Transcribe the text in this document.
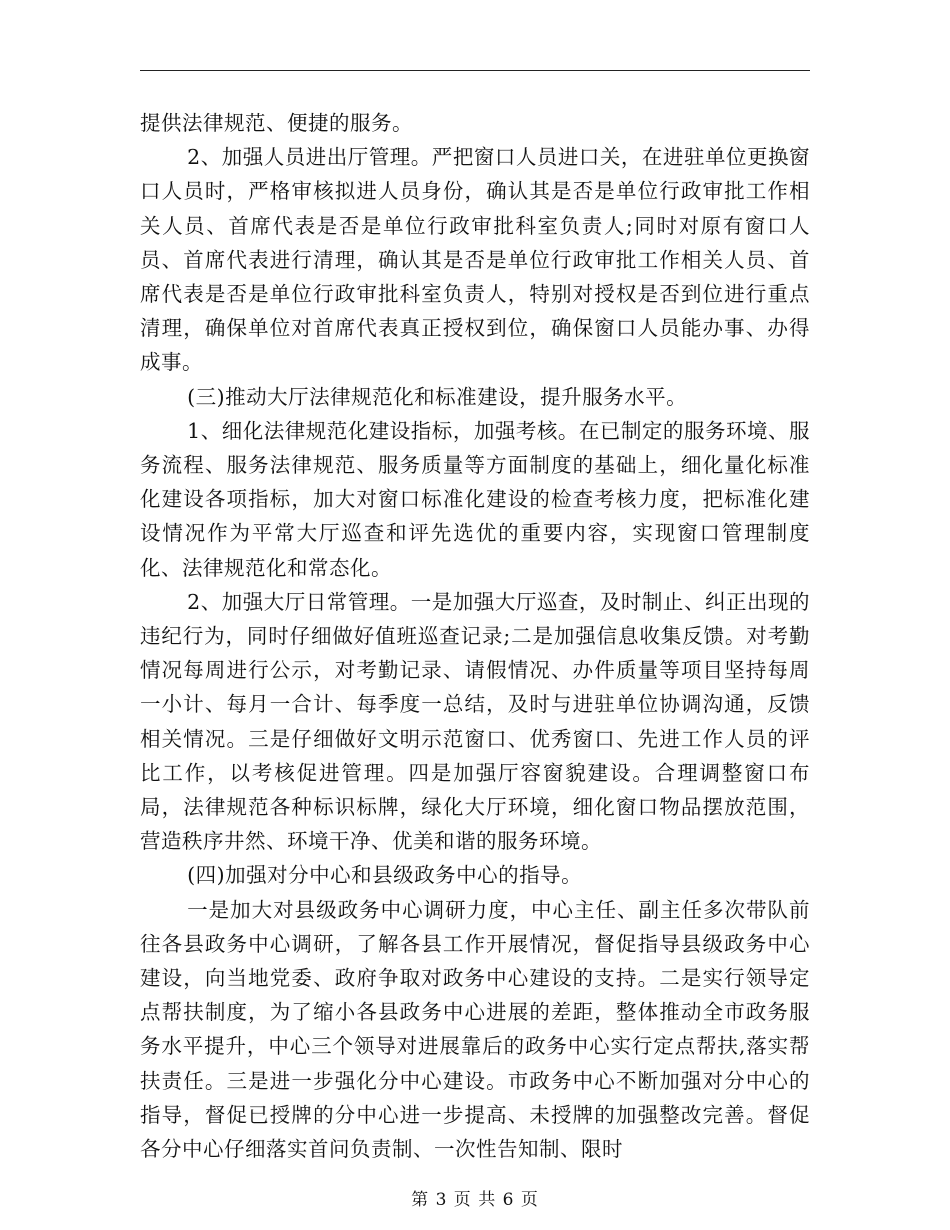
提供法律规范、便捷的服务。

2、加强人员进出厅管理。严把窗口人员进口关，在进驻单位更换窗口人员时，严格审核拟进人员身份，确认其是否是单位行政审批工作相关人员、首席代表是否是单位行政审批科室负责人;同时对原有窗口人员、首席代表进行清理，确认其是否是单位行政审批工作相关人员、首席代表是否是单位行政审批科室负责人，特别对授权是否到位进行重点清理，确保单位对首席代表真正授权到位，确保窗口人员能办事、办得成事。

(三)推动大厅法律规范化和标准建设，提升服务水平。

1、细化法律规范化建设指标，加强考核。在已制定的服务环境、服务流程、服务法律规范、服务质量等方面制度的基础上，细化量化标准化建设各项指标，加大对窗口标准化建设的检查考核力度，把标准化建设情况作为平常大厅巡查和评先选优的重要内容，实现窗口管理制度化、法律规范化和常态化。

2、加强大厅日常管理。一是加强大厅巡查，及时制止、纠正出现的违纪行为，同时仔细做好值班巡查记录;二是加强信息收集反馈。对考勤情况每周进行公示，对考勤记录、请假情况、办件质量等项目坚持每周一小计、每月一合计、每季度一总结，及时与进驻单位协调沟通，反馈相关情况。三是仔细做好文明示范窗口、优秀窗口、先进工作人员的评比工作，以考核促进管理。四是加强厅容窗貌建设。合理调整窗口布局，法律规范各种标识标牌，绿化大厅环境，细化窗口物品摆放范围，营造秩序井然、环境干净、优美和谐的服务环境。

(四)加强对分中心和县级政务中心的指导。

一是加大对县级政务中心调研力度，中心主任、副主任多次带队前往各县政务中心调研，了解各县工作开展情况，督促指导县级政务中心建设，向当地党委、政府争取对政务中心建设的支持。二是实行领导定点帮扶制度，为了缩小各县政务中心进展的差距，整体推动全市政务服务水平提升，中心三个领导对进展靠后的政务中心实行定点帮扶,落实帮扶责任。三是进一步强化分中心建设。市政务中心不断加强对分中心的指导，督促已授牌的分中心进一步提高、未授牌的加强整改完善。督促各分中心仔细落实首问负责制、一次性告知制、限时

第 3 页 共 6 页
